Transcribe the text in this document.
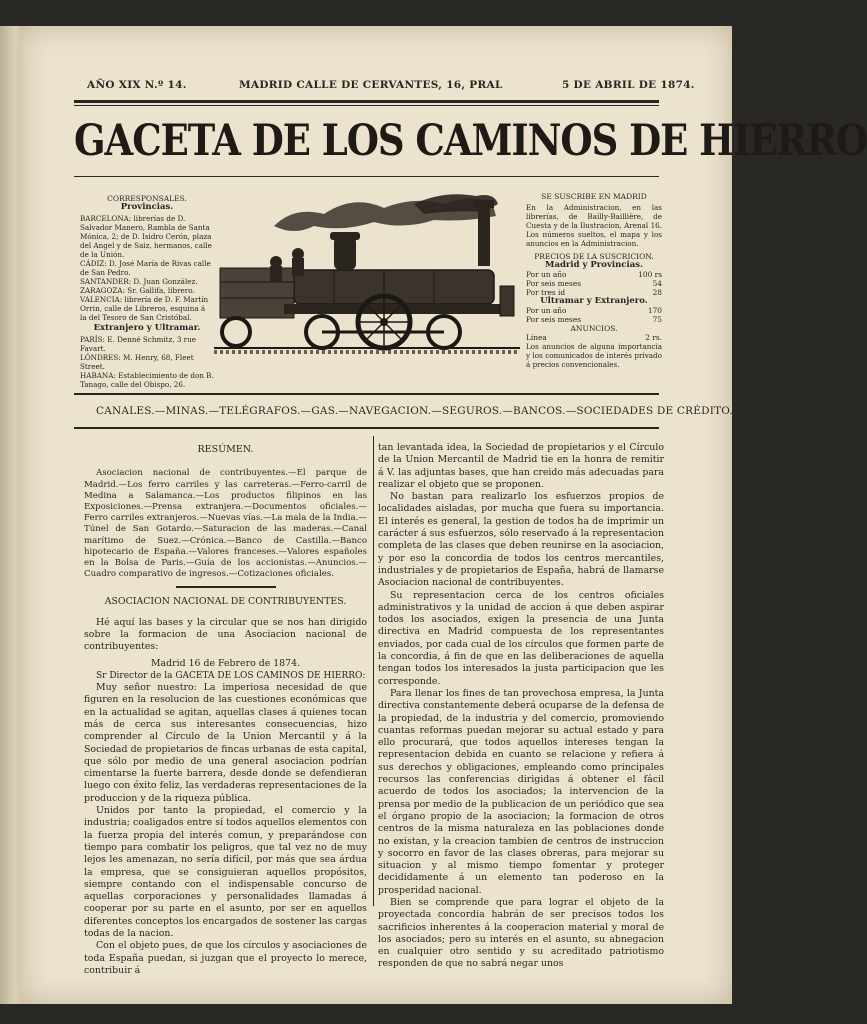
AÑO XIX N.º 14.	MADRID CALLE DE CERVANTES, 16, PRAL	5 DE ABRIL DE 1874.
GACETA DE LOS CAMINOS DE HIERRO
CORRESPONSALES.
Provincias.

BARCELONA: librerías de D. Salvador Manero, Rambla de Santa Mónica, 2; de D. Isidro Cerón, plaza del Angel y de Saiz, hermanos, calle de la Unión.

CÁDIZ: D. José María de Rivas calle de San Pedro.

SANTANDER: D. Juan González.

ZARAGOZA: Sr. Gallifa, librero.

VALENCIA: librería de D. F. Martín Orrin, calle de Libreros, esquina á la del Tesoro de San Cristóbal.

Extranjero y Ultramar.

PARÍS: E. Denné Schmitz, 3 rue Favart.

LÓNDRES: M. Henry, 68, Fleet Street.

HABANA: Establecimiento de don B. Tanago, calle del Obispo, 26.

SE SUSCRIBE EN MADRID

En la Administracion, en las librerías, de Bailly-Baillière, de Cuesta y de la Ilustracion, Arenal 16. Los números sueltos, el mapa y los anuncios en la Administracion.

PRECIOS DE LA SUSCRICION.
Madrid y Provincias.
Por un año	100 rs
Por seis meses	54
Por tres id	28
Ultramar y Extranjero.
Por un año	170
Por seis meses	75
ANUNCIOS.
Línea	2 rs.

Los anuncios de alguna importancia y los comunicados de interés privado á precios convencionales.

CANALES.—MINAS.—TELÉGRAFOS.—GAS.—NAVEGACION.—SEGUROS.—BANCOS.—SOCIEDADES DE CRÉDITO.

RESÚMEN.

Asociacion nacional de contribuyentes.—El parque de Madrid.—Los ferro carriles y las carreteras.—Ferro-carril de Medina a Salamanca.—Los productos filipinos en las Exposiciones.—Prensa extranjera.—Documentos oficiales.—Ferro carriles extranjeros.—Nuevas vías.—La mala de la India.—Túnel de San Gotardo.—Saturacion de las maderas.—Canal marítimo de Suez.—Crónica.—Banco de Castilla.—Banco hipotecario de España.—Valores franceses.—Valores españoles en la Bolsa de Paris.—Guía de los accionistas.—Anuncios.—Cuadro comparativo de ingresos.—Cotizaciones oficiales.

ASOCIACION NACIONAL DE CONTRIBUYENTES.

Hé aquí las bases y la circular que se nos han dirigido sobre la formacion de una Asociacion nacional de contribuyentes:

Madrid 16 de Febrero de 1874.

Sr Director de la GACETA DE LOS CAMINOS DE HIERRO:

Muy señor nuestro: La imperiosa necesidad de que figuren en la resolucion de las cuestiones económicas que en la actualidad se agitan, aquellas clases á quienes tocan más de cerca sus interesantes consecuencias, hizo comprender al Círculo de la Union Mercantil y á la Sociedad de propietarios de fincas urbanas de esta capital, que sólo por medio de una general asociacion podrían cimentarse la fuerte barrera, desde donde se defendieran luego con éxito feliz, las verdaderas representaciones de la produccion y de la riqueza pública.

Unidos por tanto la propiedad, el comercio y la industria; coaligados entre sí todos aquellos elementos con la fuerza propia del interés comun, y preparándose con tiempo para combatir los peligros, que tal vez no de muy lejos les amenazan, no sería difícil, por más que sea árdua la empresa, que se consiguieran aquellos propósitos, siempre contando con el indispensable concurso de aquellas corporaciones y personalidades llamadas á cooperar por su parte en el asunto, por ser en aquellos diferentes conceptos los encargados de sostener las cargas todas de la nacion.

Con el objeto pues, de que los círculos y asociaciones de toda España puedan, si juzgan que el proyecto lo merece, contribuir á

tan levantada idea, la Sociedad de propietarios y el Círculo de la Union Mercantil de Madrid tie en la honra de remitir á V. las adjuntas bases, que han creido más adecuadas para realizar el objeto que se proponen.

No bastan para realizarlo los esfuerzos propios de localidades aisladas, por mucha que fuera su importancia. El interés es general, la gestion de todos ha de imprimir un carácter á sus esfuerzos, sólo reservado á la representacion completa de las clases que deben reunirse en la asociacion, y por eso la concordia de todos los centros mercantiles, industriales y de propietarios de España, habrá de llamarse Asociacion nacional de contribuyentes.

Su representacion cerca de los centros oficiales administrativos y la unidad de accion á que deben aspirar todos los asociados, exigen la presencia de una Junta directiva en Madrid compuesta de los representantes enviados, por cada cual de los círculos que formen parte de la concordia, á fin de que en las deliberaciones de aquella tengan todos los interesados la justa participacion que les corresponde.

Para llenar los fines de tan provechosa empresa, la Junta directiva constantemente deberá ocuparse de la defensa de la propiedad, de la industria y del comercio, promoviendo cuantas reformas puedan mejorar su actual estado y para ello procurará, que todos aquellos intereses tengan la representacion debida en cuanto se relacione y refiera á sus derechos y obligaciones, empleando como principales recursos las conferencias dirigidas á obtener el fácil acuerdo de todos los asociados; la intervencion de la prensa por medio de la publicacion de un periódico que sea el órgano propio de la asociacion; la formacion de otros centros de la misma naturaleza en las poblaciones donde no existan, y la creacion tambien de centros de instruccion y socorro en favor de las clases obreras, para mejorar su situacion y al mismo tiempo fomentar y proteger decididamente á un elemento tan poderoso en la prosperidad nacional.

Bien se comprende que para lograr el objeto de la proyectada concordia habrán de ser precisos todos los sacrificios inherentes á la cooperacion material y moral de los asociados; pero su interés en el asunto, su abnegacion en cualquier otro sentido y su acreditado patriotismo responden de que no sabrá negar unos
